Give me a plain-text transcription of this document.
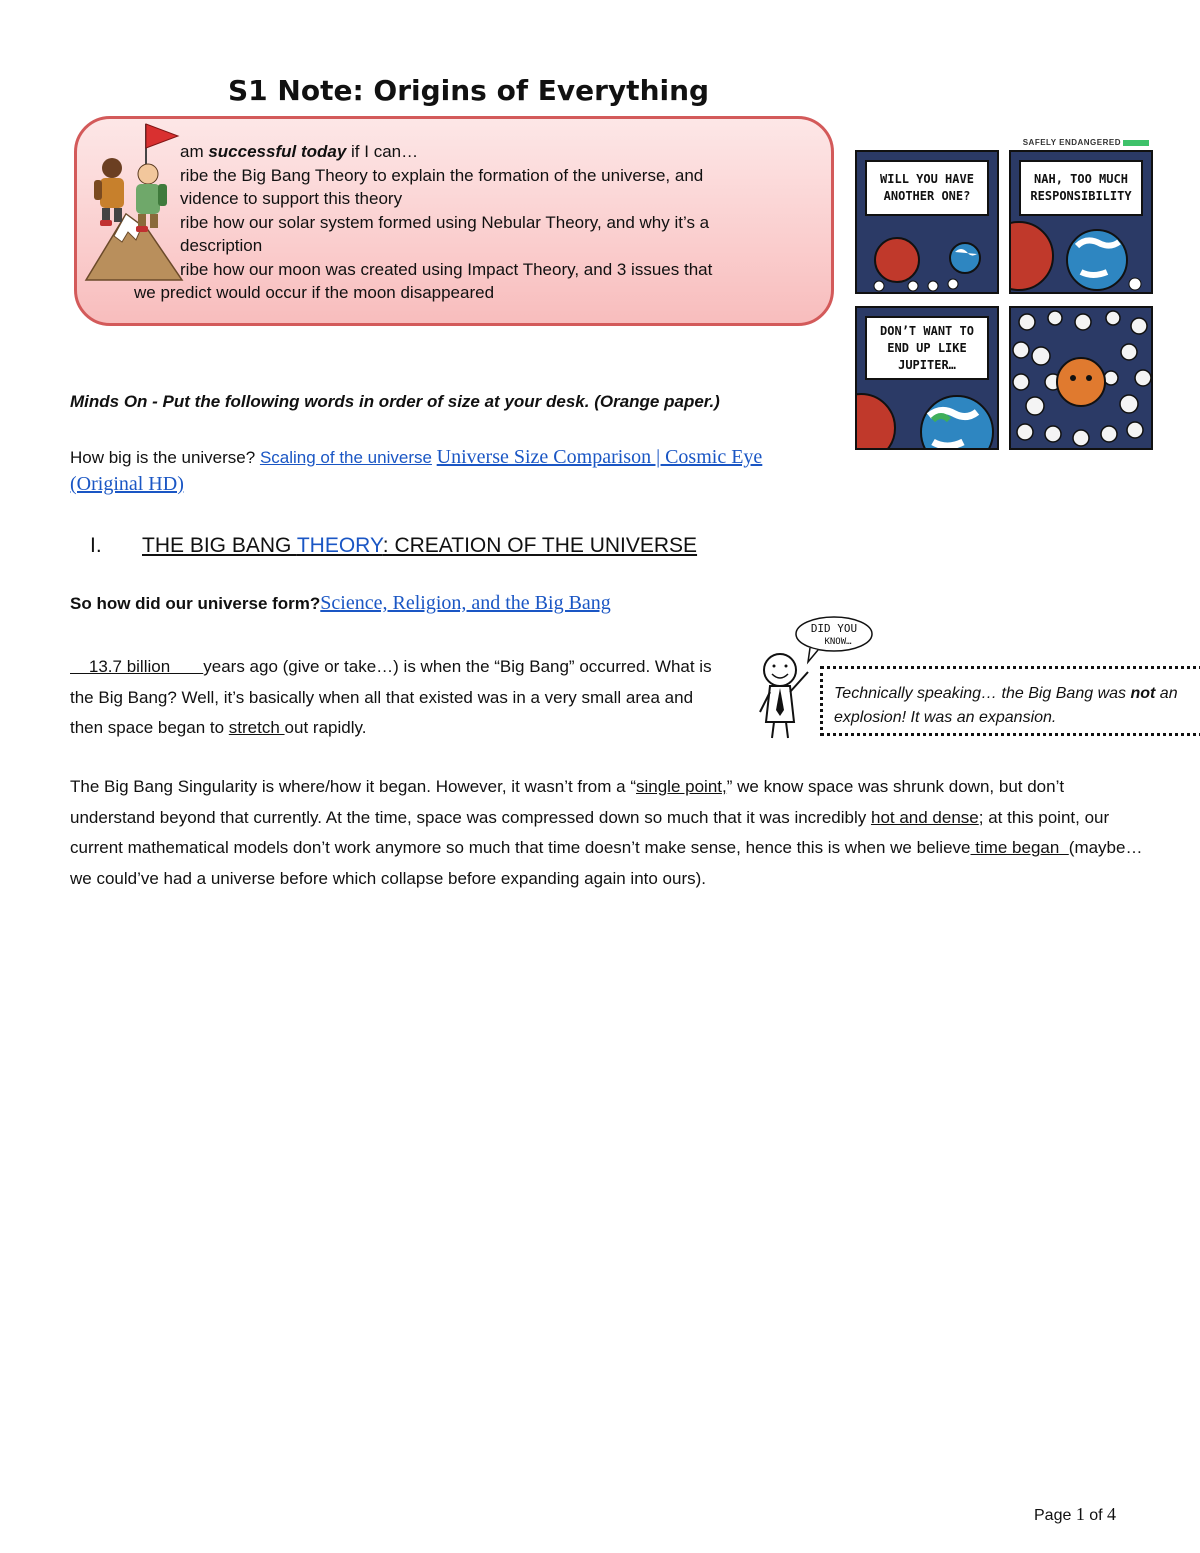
S1 Note: Origins of Everything
am successful today if I can…
ribe the Big Bang Theory to explain the formation of the universe, and
vidence to support this theory
ribe how our solar system formed using Nebular Theory, and why it’s a
description
ribe how our moon was created using Impact Theory, and 3 issues that
we predict would occur if the moon disappeared
SAFELY ENDANGERED
WILL YOU HAVE ANOTHER ONE?
NAH, TOO MUCH RESPONSIBILITY
DON’T WANT TO END UP LIKE JUPITER…

Minds On - Put the following words in order of size at your desk. (Orange paper.)

How big is the universe? Scaling of the universe Universe Size Comparison | Cosmic Eye (Original HD)
I. THE BIG BANG THEORY: CREATION OF THE UNIVERSE

So how did our universe form?Science, Religion, and the Big Bang

13.7 billion       years ago (give or take…) is when the “Big Bang” occurred. What is the Big Bang? Well, it’s basically when all that existed was in a very small area and then space began to stretch out rapidly.

The Big Bang Singularity is where/how it began. However, it wasn’t from a “single point,” we know space was shrunk down, but don’t understand beyond that currently. At the time, space was compressed down so much that it was incredibly hot and dense; at this point, our current mathematical models don’t work anymore so much that time doesn’t make sense, hence this is when we believe time began  (maybe… we could’ve had a universe before which collapse before expanding again into ours).

DID YOU
KNOW…
Technically speaking… the Big Bang was not an explosion! It was an expansion.
Page 1 of 4
